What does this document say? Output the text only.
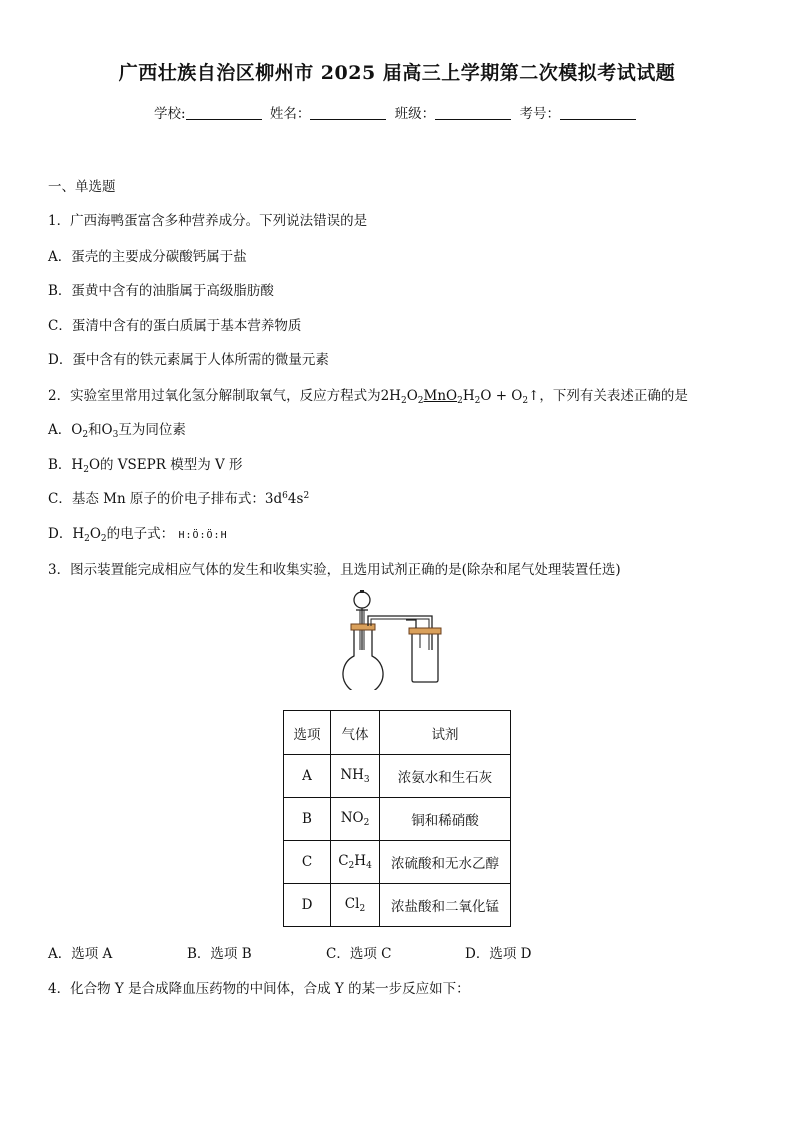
广西壮族自治区柳州市 2025 届高三上学期第二次模拟考试试题
学校:	姓名：	班级：	考号：
一、单选题
1．广西海鸭蛋富含多种营养成分。下列说法错误的是
A．蛋壳的主要成分碳酸钙属于盐
B．蛋黄中含有的油脂属于高级脂肪酸
C．蛋清中含有的蛋白质属于基本营养物质
D．蛋中含有的铁元素属于人体所需的微量元素
2．实验室里常用过氧化氢分解制取氧气，反应方程式为$2H_2O_2MnO_2H_2O$ + $O_2↑$，下列有关表述正确的是
A．$O_2$和$O_3$互为同位素
B．$H_2O$的 VSEPR 模型为 V 形
C．基态 Mn 原子的价电子排布式：$3d^64s^2$
D．$H_2O_2$的电子式： H:Ö:Ö:H
3．图示装置能完成相应气体的发生和收集实验，且选用试剂正确的是(除杂和尾气处理装置任选)
选项	气体	试剂
A	$NH_3$	浓氨水和生石灰
B	$NO_2$	铜和稀硝酸
C	$C_2H_4$	浓硫酸和无水乙醇
D	$Cl_2$	浓盐酸和二氧化锰
A．选项 A	B．选项 B	C．选项 C	D．选项 D
4．化合物 Y 是合成降血压药物的中间体，合成 Y 的某一步反应如下：
